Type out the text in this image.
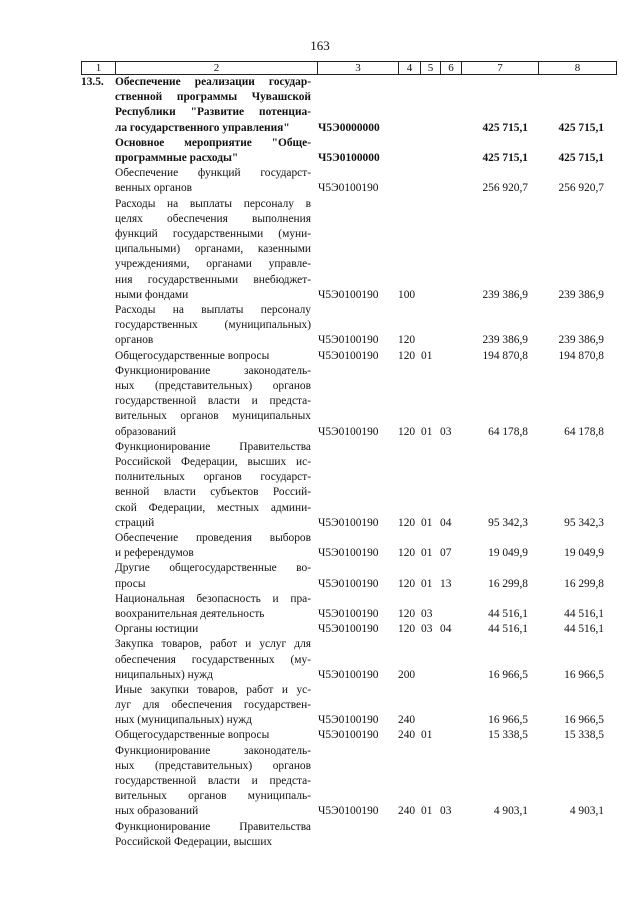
163
1	2	3	4	5	6	7	8
13.5. Обеспечение реализации государ-
ственной программы Чувашской
Республики "Развитие потенциа-
ла государственного управления"	Ч5Э0000000	425 715,1	425 715,1
Основное мероприятие "Обще-
программные расходы"	Ч5Э0100000	425 715,1	425 715,1
Обеспечение функций государст-
венных органов	Ч5Э0100190	256 920,7	256 920,7
Расходы на выплаты персоналу в
целях обеспечения выполнения
функций государственными (муни-
ципальными) органами, казенными
учреждениями, органами управле-
ния государственными внебюджет-
ными фондами	Ч5Э0100190	100	239 386,9	239 386,9
Расходы на выплаты персоналу
государственных (муниципальных)
органов	Ч5Э0100190	120	239 386,9	239 386,9
Общегосударственные вопросы	Ч5Э0100190	120 01	194 870,8	194 870,8
Функционирование законодатель-
ных (представительных) органов
государственной власти и предста-
вительных органов муниципальных
образований	Ч5Э0100190	120 01 03	64 178,8	64 178,8
Функционирование Правительства
Российской Федерации, высших ис-
полнительных органов государст-
венной власти субъектов Россий-
ской Федерации, местных админи-
страций	Ч5Э0100190	120 01 04	95 342,3	95 342,3
Обеспечение проведения выборов
и референдумов	Ч5Э0100190	120 01 07	19 049,9	19 049,9
Другие общегосударственные во-
просы	Ч5Э0100190	120 01 13	16 299,8	16 299,8
Национальная безопасность и пра-
воохранительная деятельность	Ч5Э0100190	120 03	44 516,1	44 516,1
Органы юстиции	Ч5Э0100190	120 03 04	44 516,1	44 516,1
Закупка товаров, работ и услуг для
обеспечения государственных (му-
ниципальных) нужд	Ч5Э0100190	200	16 966,5	16 966,5
Иные закупки товаров, работ и ус-
луг для обеспечения государствен-
ных (муниципальных) нужд	Ч5Э0100190	240	16 966,5	16 966,5
Общегосударственные вопросы	Ч5Э0100190	240 01	15 338,5	15 338,5
Функционирование законодатель-
ных (представительных) органов
государственной власти и предста-
вительных органов муниципаль-
ных образований	Ч5Э0100190	240 01 03	4 903,1	4 903,1
Функционирование Правительства
Российской Федерации, высших
